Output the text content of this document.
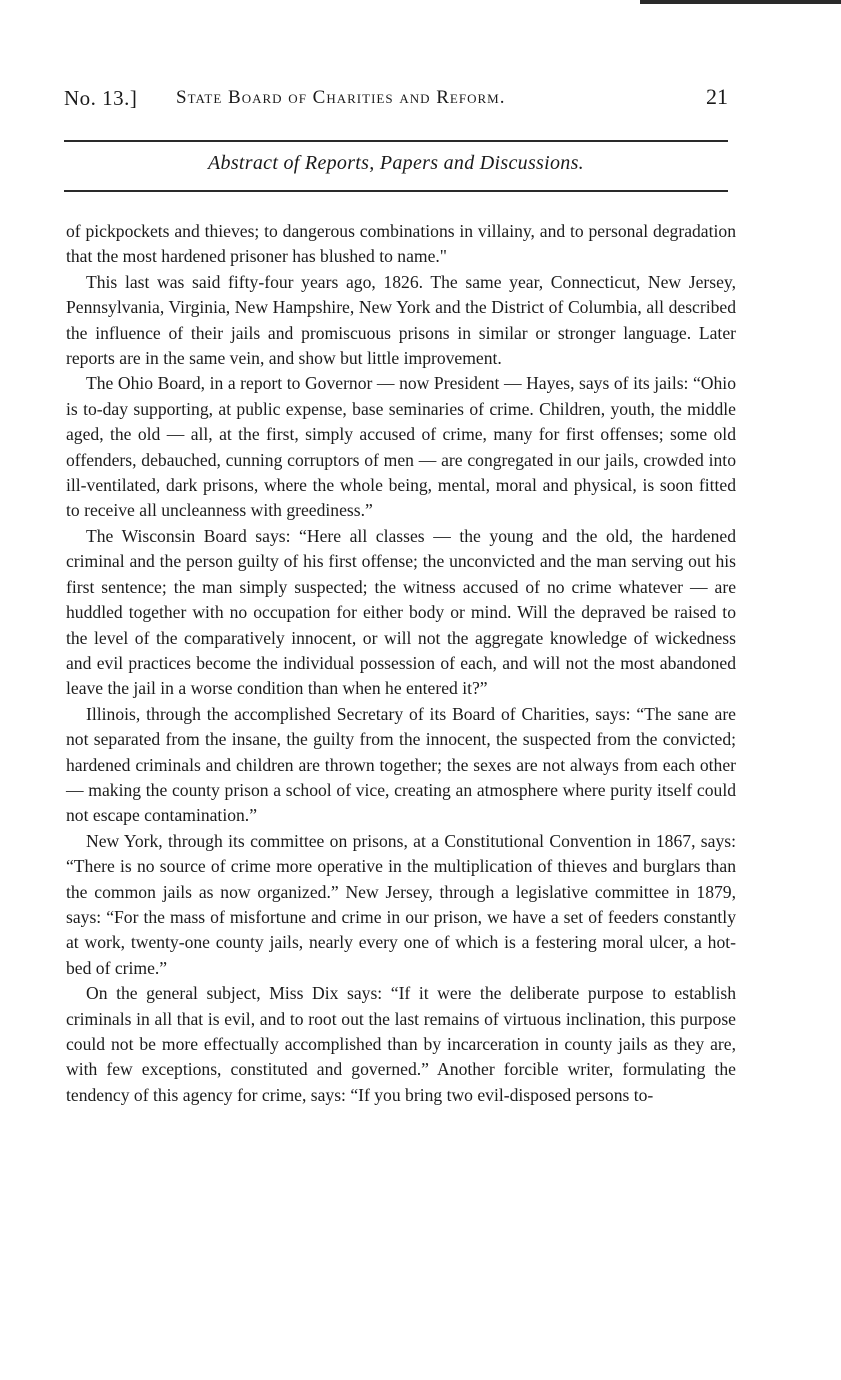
No. 13.] State Board of Charities and Reform.	21
Abstract of Reports, Papers and Discussions.

of pickpockets and thieves; to dangerous combinations in villainy, and to personal degradation that the most hardened prisoner has blushed to name."

This last was said fifty-four years ago, 1826. The same year, Connecticut, New Jersey, Pennsylvania, Virginia, New Hampshire, New York and the District of Columbia, all described the influence of their jails and promiscuous prisons in similar or stronger language. Later reports are in the same vein, and show but little improvement.

The Ohio Board, in a report to Governor — now President — Hayes, says of its jails: “Ohio is to-day supporting, at public expense, base seminaries of crime. Children, youth, the middle aged, the old — all, at the first, simply accused of crime, many for first offenses; some old offenders, debauched, cunning corruptors of men — are congregated in our jails, crowded into ill-ventilated, dark prisons, where the whole being, mental, moral and physical, is soon fitted to receive all uncleanness with greediness.”

The Wisconsin Board says: “Here all classes — the young and the old, the hardened criminal and the person guilty of his first offense; the unconvicted and the man serving out his first sentence; the man simply suspected; the witness accused of no crime whatever — are huddled together with no occupation for either body or mind. Will the depraved be raised to the level of the comparatively innocent, or will not the aggregate knowledge of wickedness and evil practices become the individual possession of each, and will not the most abandoned leave the jail in a worse condition than when he entered it?”

Illinois, through the accomplished Secretary of its Board of Charities, says: “The sane are not separated from the insane, the guilty from the innocent, the suspected from the convicted; hardened criminals and children are thrown together; the sexes are not always from each other — making the county prison a school of vice, creating an atmosphere where purity itself could not escape contamination.”

New York, through its committee on prisons, at a Constitutional Convention in 1867, says: “There is no source of crime more operative in the multiplication of thieves and burglars than the common jails as now organized.” New Jersey, through a legislative committee in 1879, says: “For the mass of misfortune and crime in our prison, we have a set of feeders constantly at work, twenty-one county jails, nearly every one of which is a festering moral ulcer, a hot-bed of crime.”

On the general subject, Miss Dix says: “If it were the deliberate purpose to establish criminals in all that is evil, and to root out the last remains of virtuous inclination, this purpose could not be more effectually accomplished than by incarceration in county jails as they are, with few exceptions, constituted and governed.” Another forcible writer, formulating the tendency of this agency for crime, says: “If you bring two evil-disposed persons to-
